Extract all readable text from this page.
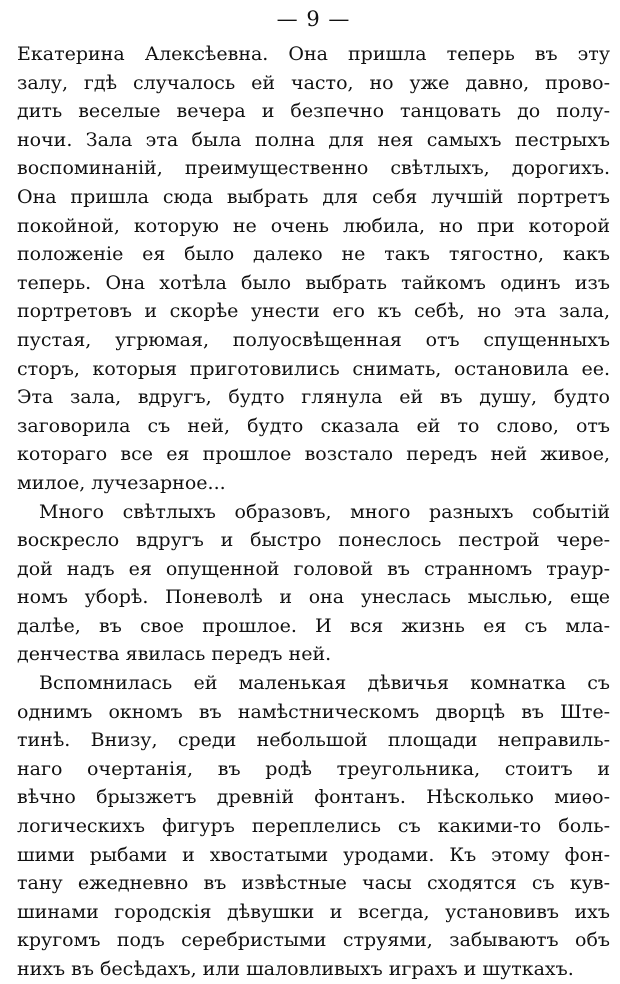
— 9 —
Екатерина Алексѣевна. Она пришла теперь въ эту
залу, гдѣ случалось ей часто, но уже давно, прово-
дить веселые вечера и безпечно танцовать до полу-
ночи. Зала эта была полна для нея самыхъ пестрыхъ
воспоминанiй, преимущественно свѣтлыхъ, дорогихъ.
Она пришла сюда выбрать для себя лучшiй портретъ
покойной, которую не очень любила, но при которой
положенiе ея было далеко не такъ тягостно, какъ
теперь. Она хотѣла было выбрать тайкомъ одинъ изъ
портретовъ и скорѣе унести его къ себѣ, но эта зала,
пустая, угрюмая, полуосвѣщенная отъ спущенныхъ
сторъ, которыя приготовились снимать, остановила ее.
Эта зала, вдругъ, будто глянула ей въ душу, будто
заговорила съ ней, будто сказала ей то слово, отъ
котораго все ея прошлое возстало передъ ней живое,
милое, лучезарное...
Много свѣтлыхъ образовъ, много разныхъ событiй
воскресло вдругъ и быстро понеслось пестрой чере-
дой надъ ея опущенной головой въ странномъ траур-
номъ уборѣ. Поневолѣ и она унеслась мыслью, еще
далѣе, въ свое прошлое. И вся жизнь ея съ мла-
денчества явилась передъ ней.
Вспомнилась ей маленькая дѣвичья комнатка съ
однимъ окномъ въ намѣстническомъ дворцѣ въ Ште-
тинѣ. Внизу, среди небольшой площади неправиль-
наго очертанiя, въ родѣ треугольника, стоитъ и
вѣчно брызжетъ древнiй фонтанъ. Нѣсколько миѳо-
логическихъ фигуръ переплелись съ какими-то боль-
шими рыбами и хвостатыми уродами. Къ этому фон-
тану ежедневно въ извѣстные часы сходятся съ кув-
шинами городскiя дѣвушки и всегда, установивъ ихъ
кругомъ подъ серебристыми струями, забываютъ объ
нихъ въ бесѣдахъ, или шаловливыхъ играхъ и шуткахъ.
